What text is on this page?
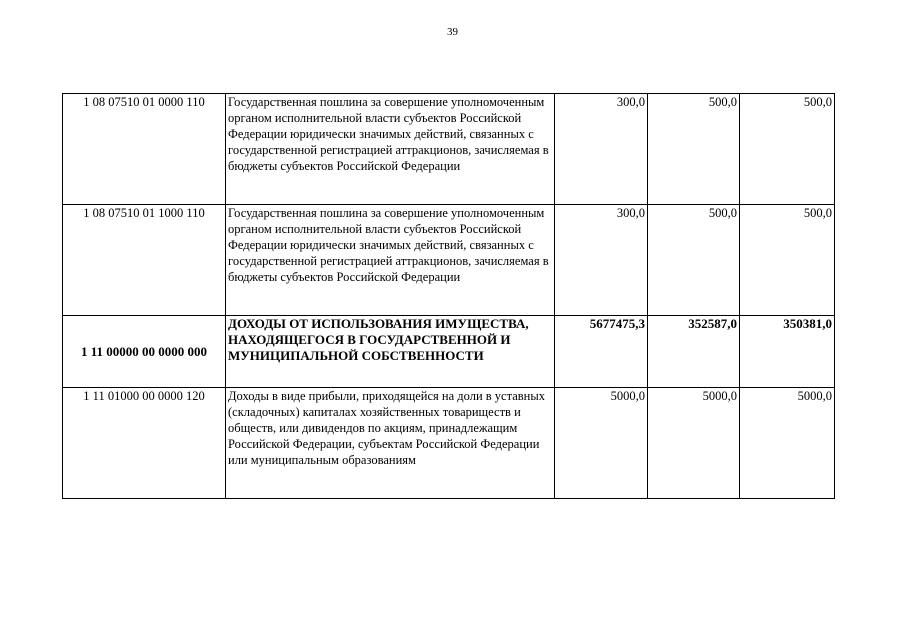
39
1 08 07510 01 0000 110	Государственная пошлина за совершение уполномоченным органом исполнительной власти субъектов Российской Федерации юридически значимых действий, связанных с государственной регистрацией аттракционов, зачисляемая в бюджеты субъектов Российской Федерации	300,0	500,0	500,0
1 08 07510 01 1000 110	Государственная пошлина за совершение уполномоченным органом исполнительной власти субъектов Российской Федерации юридически значимых действий, связанных с государственной регистрацией аттракционов, зачисляемая в бюджеты субъектов Российской Федерации	300,0	500,0	500,0
1 11 00000 00 0000 000	ДОХОДЫ ОТ ИСПОЛЬЗОВАНИЯ ИМУЩЕСТВА, НАХОДЯЩЕГОСЯ В ГОСУДАРСТВЕННОЙ И МУНИЦИПАЛЬНОЙ СОБСТВЕННОСТИ	5677475,3	352587,0	350381,0
1 11 01000 00 0000 120	Доходы в виде прибыли, приходящейся на доли в уставных (складочных) капиталах хозяйственных товариществ и обществ, или дивидендов по акциям, принадлежащим Российской Федерации, субъектам Российской Федерации или муниципальным образованиям	5000,0	5000,0	5000,0
